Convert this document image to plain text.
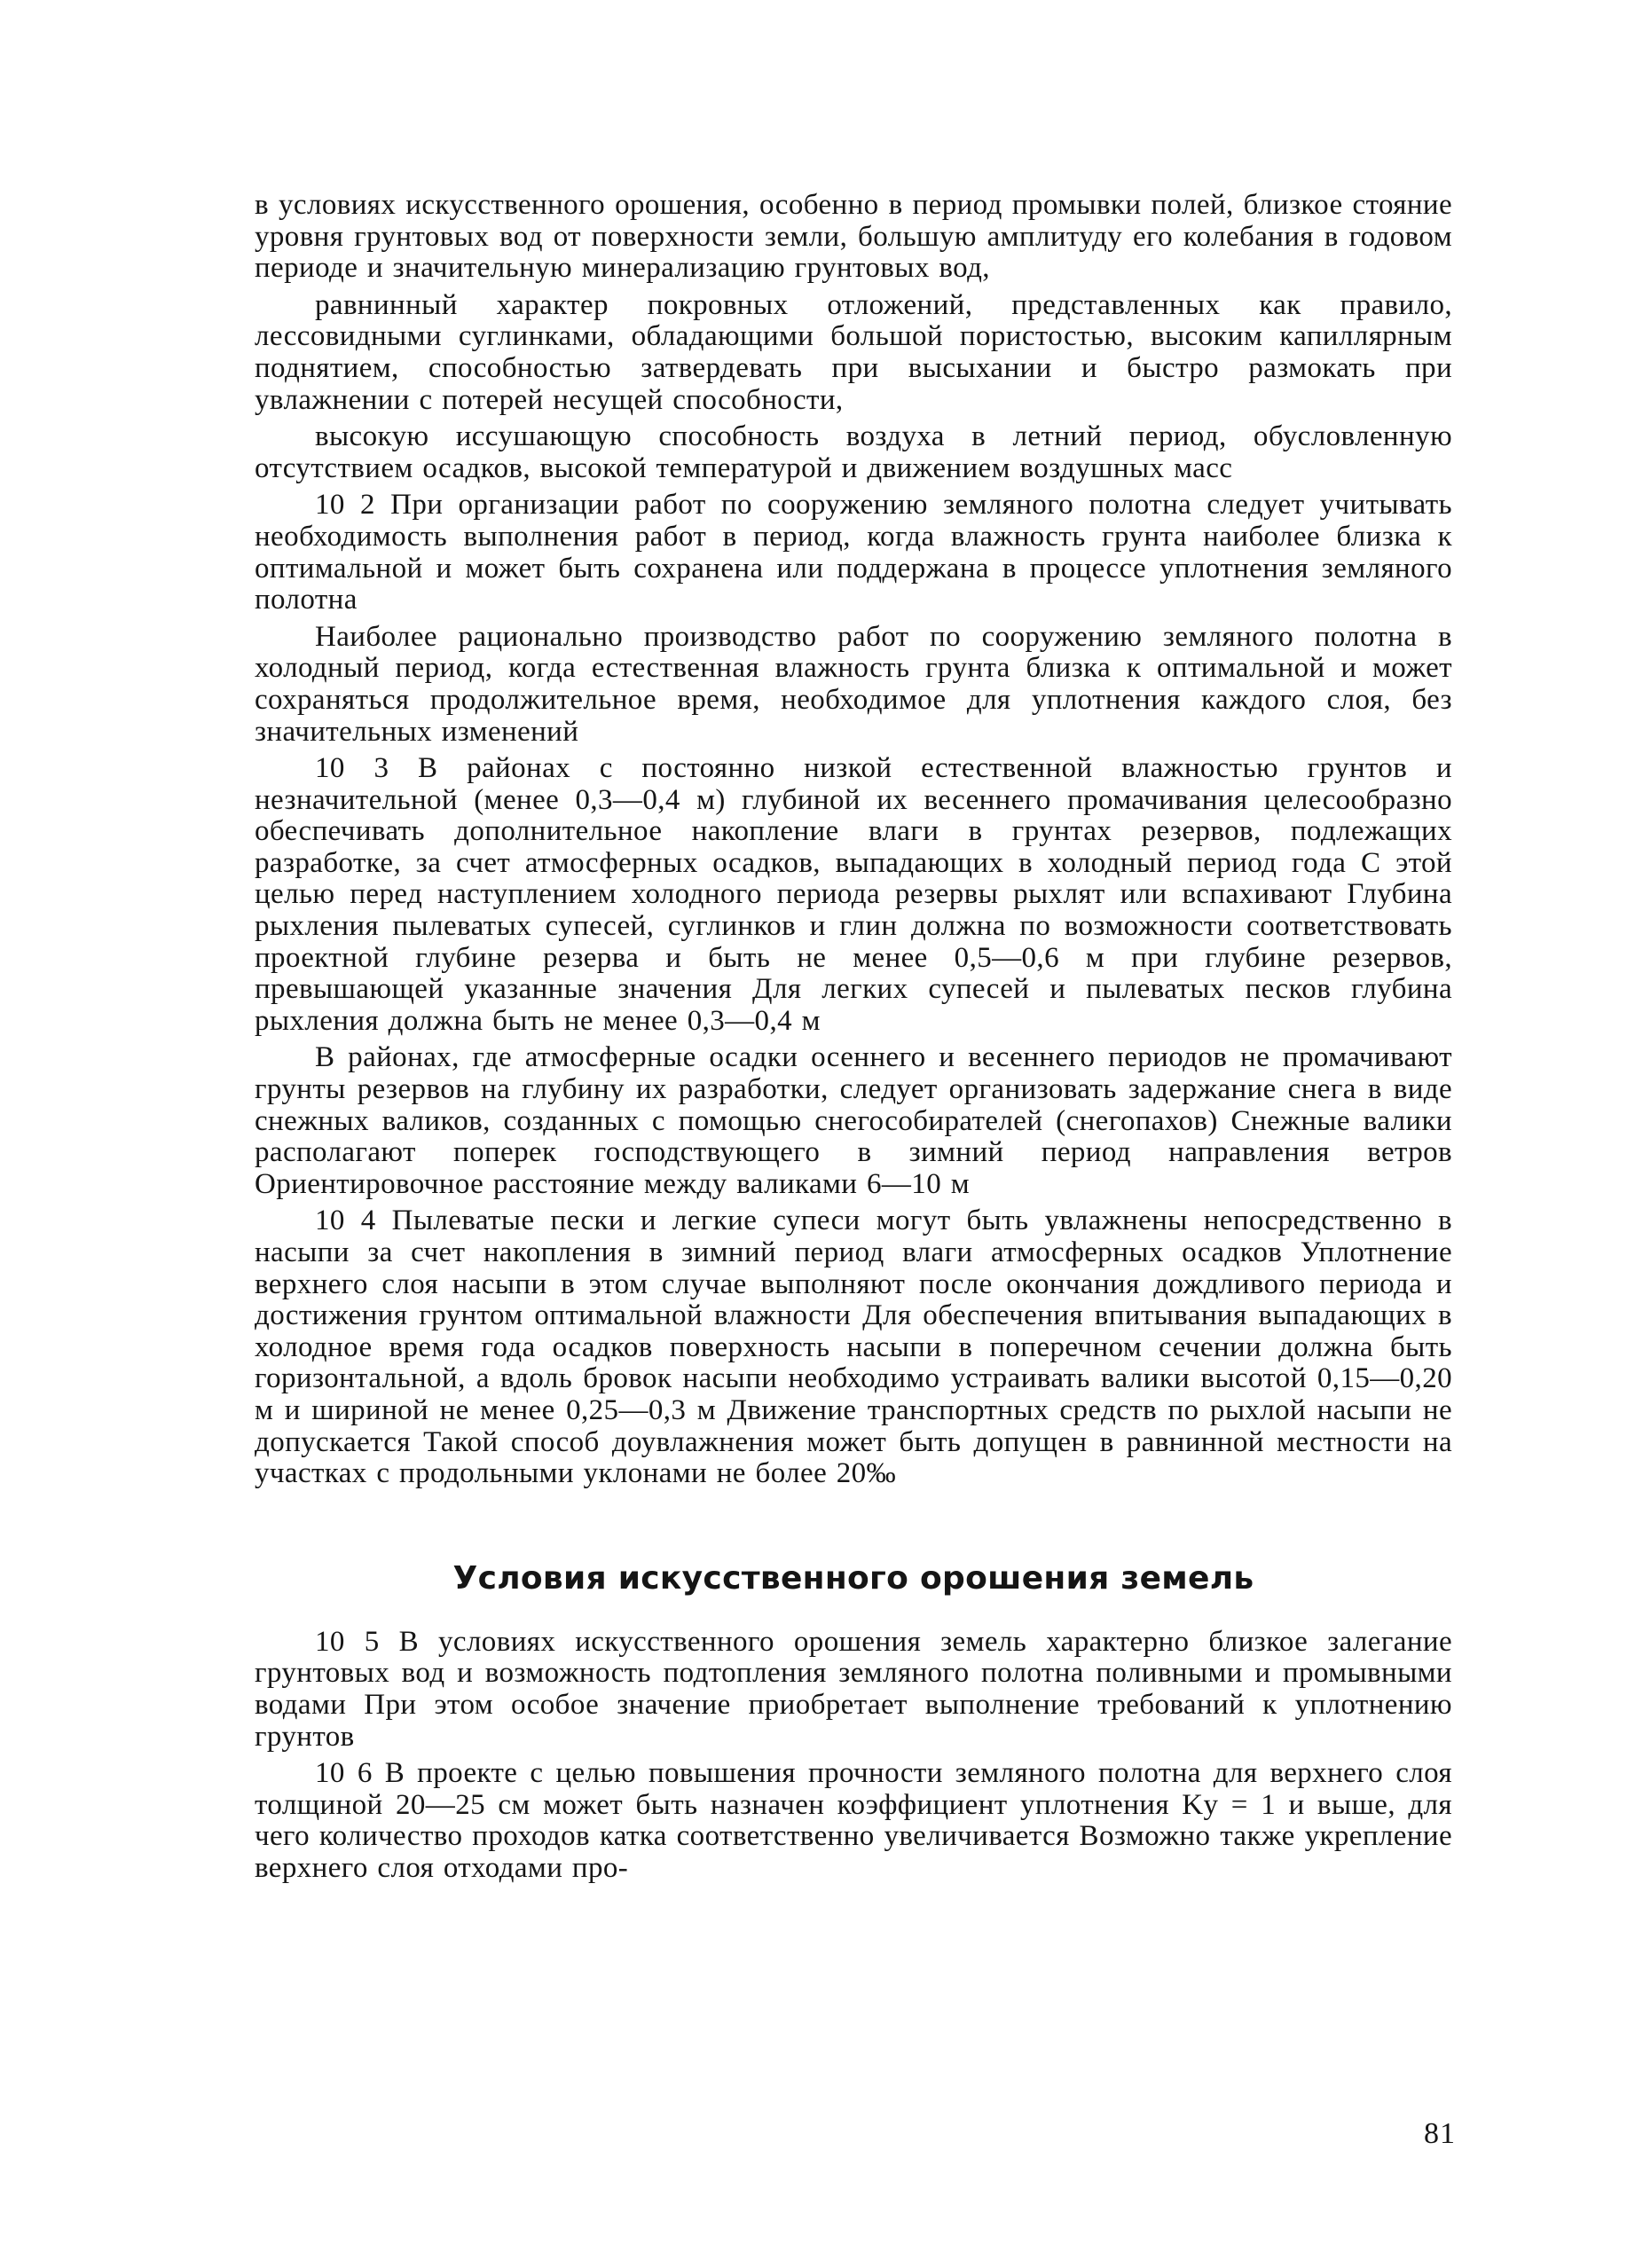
в условиях искусственного орошения, особенно в период промывки полей, близкое стояние уровня грунтовых вод от поверхности земли, большую амплитуду его колебания в годовом периоде и значительную минерализацию грунтовых вод,

равнинный характер покровных отложений, представленных как правило, лессовидными суглинками, обладающими большой пористостью, высоким капиллярным поднятием, способностью затвердевать при высыхании и быстро размокать при увлажнении с потерей несущей способности,

высокую иссушающую способность воздуха в летний период, обусловленную отсутствием осадков, высокой температурой и движением воздушных масс

10 2 При организации работ по сооружению земляного полотна следует учитывать необходимость выполнения работ в период, когда влажность грунта наиболее близка к оптимальной и может быть сохранена или поддержана в процессе уплотнения земляного полотна

Наиболее рационально производство работ по сооружению земляного полотна в холодный период, когда естественная влажность грунта близка к оптимальной и может сохраняться продолжительное время, необходимое для уплотнения каждого слоя, без значительных изменений

10 3 В районах с постоянно низкой естественной влажностью грунтов и незначительной (менее 0,3—0,4 м) глубиной их весеннего промачивания целесообразно обеспечивать дополнительное накопление влаги в грунтах резервов, подлежащих разработке, за счет атмосферных осадков, выпадающих в холодный период года С этой целью перед наступлением холодного периода резервы рыхлят или вспахивают Глубина рыхления пылеватых супесей, суглинков и глин должна по возможности соответствовать проектной глубине резерва и быть не менее 0,5—0,6 м при глубине резервов, превышающей указанные значения Для легких супесей и пылеватых песков глубина рыхления должна быть не менее 0,3—0,4 м

В районах, где атмосферные осадки осеннего и весеннего периодов не промачивают грунты резервов на глубину их разработки, следует организовать задержание снега в виде снежных валиков, созданных с помощью снегособирателей (снегопахов) Снежные валики располагают поперек господствующего в зимний период направления ветров Ориентировочное расстояние между валиками 6—10 м

10 4 Пылеватые пески и легкие супеси могут быть увлажнены непосредственно в насыпи за счет накопления в зимний период влаги атмосферных осадков Уплотнение верхнего слоя насыпи в этом случае выполняют после окончания дождливого периода и достижения грунтом оптимальной влажности Для обеспечения впитывания выпадающих в холодное время года осадков поверхность насыпи в поперечном сечении должна быть горизонтальной, а вдоль бровок насыпи необходимо устраивать валики высотой 0,15—0,20 м и шириной не менее 0,25—0,3 м Движение транспортных средств по рыхлой насыпи не допускается Такой способ доувлажнения может быть допущен в равнинной местности на участках с продольными уклонами не более 20‰

Условия искусственного орошения земель

10 5 В условиях искусственного орошения земель характерно близкое залегание грунтовых вод и возможность подтопления земляного полотна поливными и промывными водами При этом особое значение приобретает выполнение требований к уплотнению грунтов

10 6 В проекте с целью повышения прочности земляного полотна для верхнего слоя толщиной 20—25 см может быть назначен коэффициент уплотнения Kу = 1 и выше, для чего количество проходов катка соответственно увеличивается Возможно также укрепление верхнего слоя отходами про-

81
